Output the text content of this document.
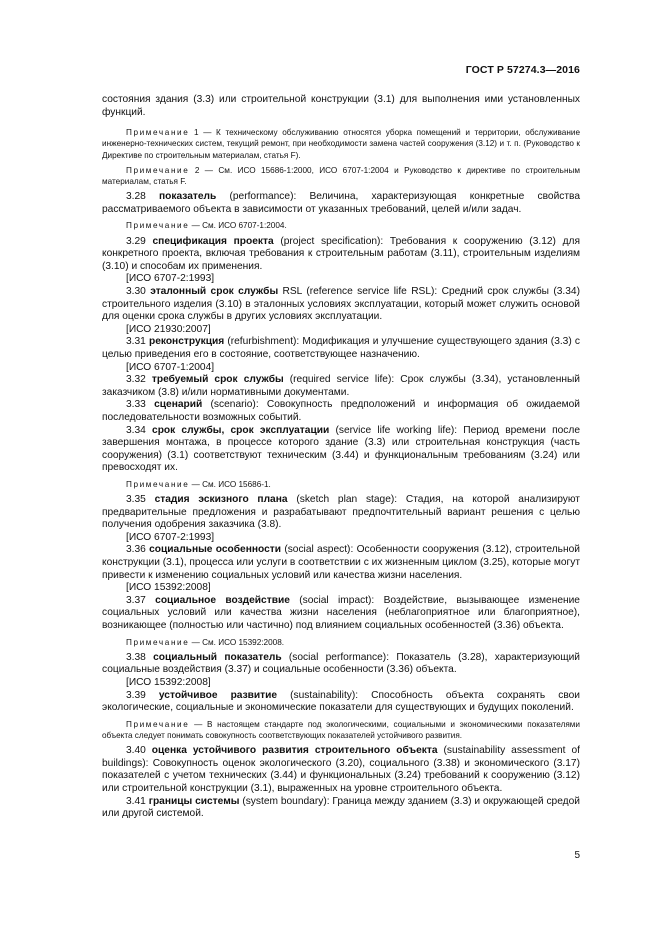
ГОСТ Р 57274.3—2016

состояния здания (3.3) или строительной конструкции (3.1) для выполнения ими установленных функций.

Примечание 1 — К техническому обслуживанию относятся уборка помещений и территории, обслуживание инженерно-технических систем, текущий ремонт, при необходимости замена частей сооружения (3.12) и т. п. (Руководство к Директиве по строительным материалам, статья F).

Примечание 2 — См. ИСО 15686-1:2000, ИСО 6707-1:2004 и Руководство к директиве по строительным материалам, статья F.

3.28 показатель (performance): Величина, характеризующая конкретные свойства рассматриваемого объекта в зависимости от указанных требований, целей и/или задач.

Примечание — См. ИСО 6707-1:2004.

3.29 спецификация проекта (project specification): Требования к сооружению (3.12) для конкретного проекта, включая требования к строительным работам (3.11), строительным изделиям (3.10) и способам их применения.

[ИСО 6707-2:1993]

3.30 эталонный срок службы RSL (reference service life RSL): Средний срок службы (3.34) строительного изделия (3.10) в эталонных условиях эксплуатации, который может служить основой для оценки срока службы в других условиях эксплуатации.

[ИСО 21930:2007]

3.31 реконструкция (refurbishment): Модификация и улучшение существующего здания (3.3) с целью приведения его в состояние, соответствующее назначению.

[ИСО 6707-1:2004]

3.32 требуемый срок службы (required service life): Срок службы (3.34), установленный заказчиком (3.8) и/или нормативными документами.

3.33 сценарий (scenario): Совокупность предположений и информация об ожидаемой последовательности возможных событий.

3.34 срок службы, срок эксплуатации (service life working life): Период времени после завершения монтажа, в процессе которого здание (3.3) или строительная конструкция (часть сооружения) (3.1) соответствуют техническим (3.44) и функциональным требованиям (3.24) или превосходят их.

Примечание — См. ИСО 15686-1.

3.35 стадия эскизного плана (sketch plan stage): Стадия, на которой анализируют предварительные предложения и разрабатывают предпочтительный вариант решения с целью получения одобрения заказчика (3.8).

[ИСО 6707-2:1993]

3.36 социальные особенности (social aspect): Особенности сооружения (3.12), строительной конструкции (3.1), процесса или услуги в соответствии с их жизненным циклом (3.25), которые могут привести к изменению социальных условий или качества жизни населения.

[ИСО 15392:2008]

3.37 социальное воздействие (social impact): Воздействие, вызывающее изменение социальных условий или качества жизни населения (неблагоприятное или благоприятное), возникающее (полностью или частично) под влиянием социальных особенностей (3.36) объекта.

Примечание — См. ИСО 15392:2008.

3.38 социальный показатель (social performance): Показатель (3.28), характеризующий социальные воздействия (3.37) и социальные особенности (3.36) объекта.

[ИСО 15392:2008]

3.39 устойчивое развитие (sustainability): Способность объекта сохранять свои экологические, социальные и экономические показатели для существующих и будущих поколений.

Примечание — В настоящем стандарте под экологическими, социальными и экономическими показателями объекта следует понимать совокупность соответствующих показателей устойчивого развития.

3.40 оценка устойчивого развития строительного объекта (sustainability assessment of buildings): Совокупность оценок экологического (3.20), социального (3.38) и экономического (3.17) показателей с учетом технических (3.44) и функциональных (3.24) требований к сооружению (3.12) или строительной конструкции (3.1), выраженных на уровне строительного объекта.

3.41 границы системы (system boundary): Граница между зданием (3.3) и окружающей средой или другой системой.

5
